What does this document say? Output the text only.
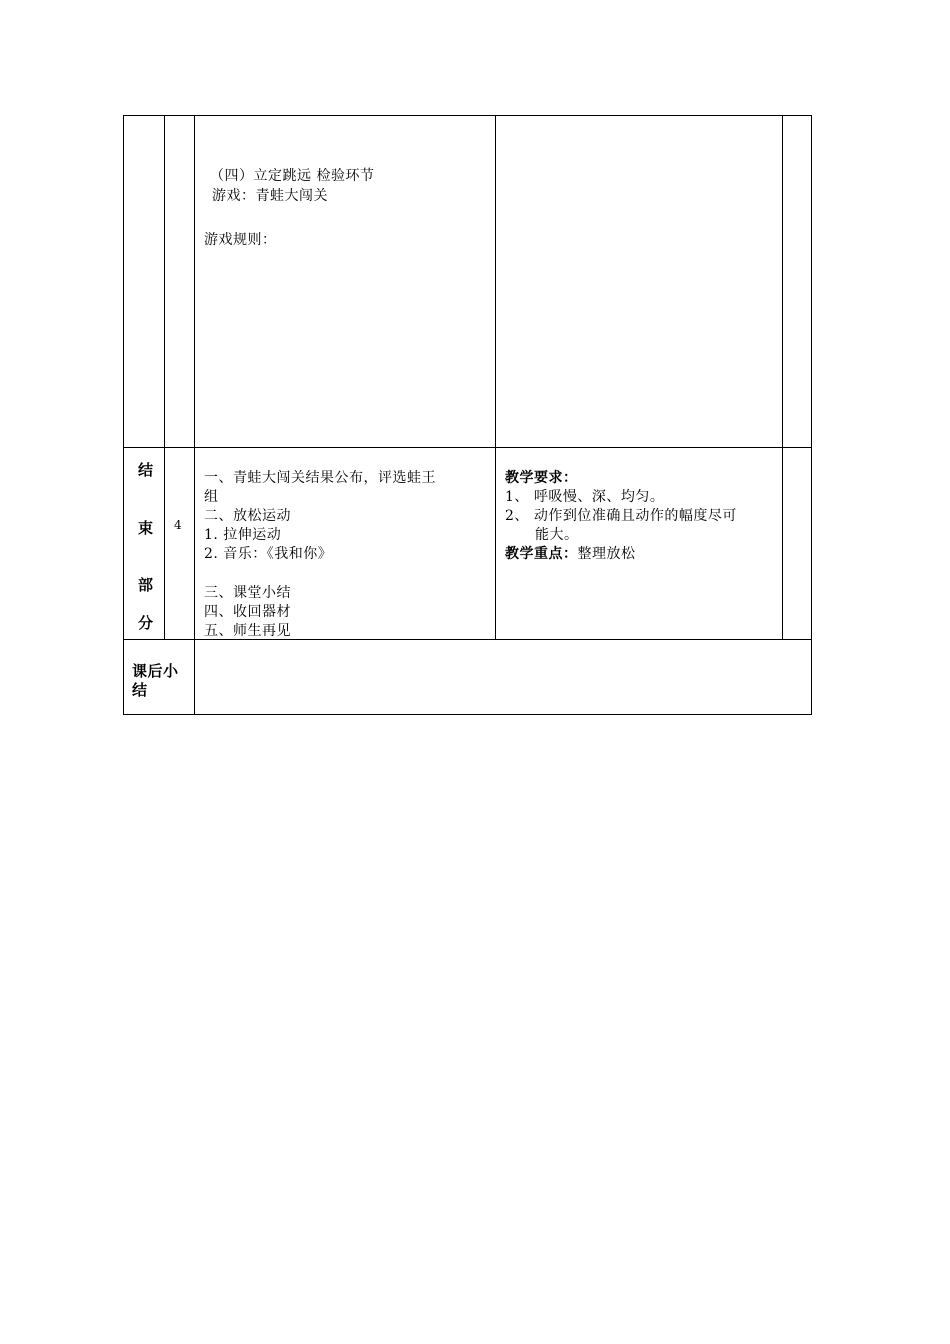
（四）立定跳远 检验环节
游戏：青蛙大闯关
游戏规则：
结
束
部
分
4
一、青蛙大闯关结果公布，评选蛙王
组
二、放松运动
1. 拉伸运动
2. 音乐：《我和你》
三、课堂小结
四、收回器材
五、师生再见
教学要求：
1、 呼吸慢、深、均匀。
2、 动作到位准确且动作的幅度尽可
能大。
教学重点：整理放松
课后小
结
